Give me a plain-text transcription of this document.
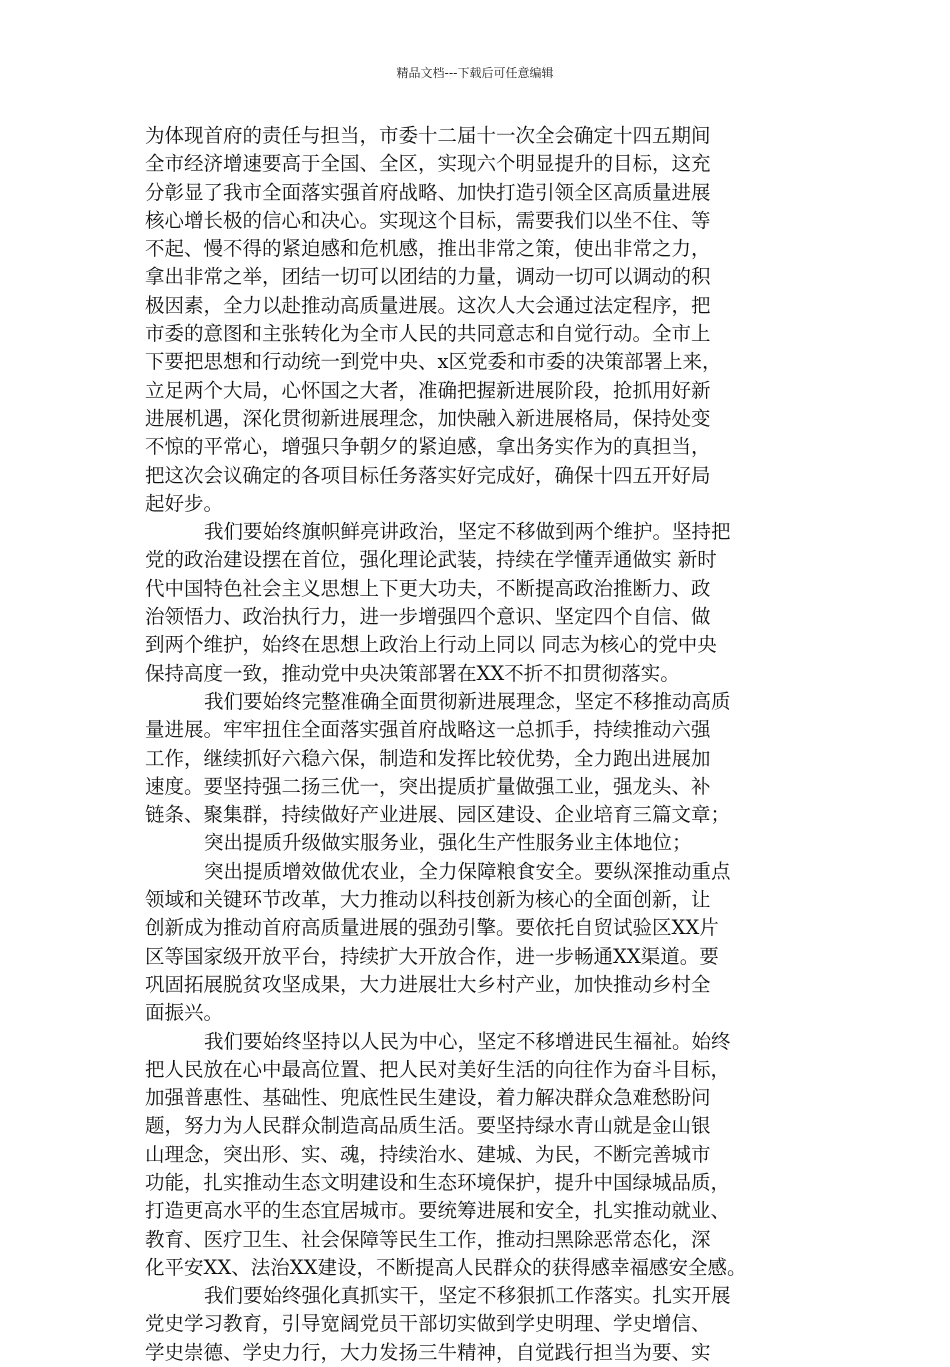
精品文档---下载后可任意编辑
为体现首府的责任与担当，市委十二届十一次全会确定十四五期间
全市经济增速要高于全国、全区，实现六个明显提升的目标，这充
分彰显了我市全面落实强首府战略、加快打造引领全区高质量进展
核心增长极的信心和决心。实现这个目标，需要我们以坐不住、等
不起、慢不得的紧迫感和危机感，推出非常之策，使出非常之力，
拿出非常之举，团结一切可以团结的力量，调动一切可以调动的积
极因素，全力以赴推动高质量进展。这次人大会通过法定程序，把
市委的意图和主张转化为全市人民的共同意志和自觉行动。全市上
下要把思想和行动统一到党中央、x区党委和市委的决策部署上来，
立足两个大局，心怀国之大者，准确把握新进展阶段，抢抓用好新
进展机遇，深化贯彻新进展理念，加快融入新进展格局，保持处变
不惊的平常心，增强只争朝夕的紧迫感，拿出务实作为的真担当，
把这次会议确定的各项目标任务落实好完成好，确保十四五开好局
起好步。
我们要始终旗帜鲜亮讲政治，坚定不移做到两个维护。坚持把
党的政治建设摆在首位，强化理论武装，持续在学懂弄通做实 新时
代中国特色社会主义思想上下更大功夫，不断提高政治推断力、政
治领悟力、政治执行力，进一步增强四个意识、坚定四个自信、做
到两个维护，始终在思想上政治上行动上同以 同志为核心的党中央
保持高度一致，推动党中央决策部署在XX不折不扣贯彻落实。
我们要始终完整准确全面贯彻新进展理念，坚定不移推动高质
量进展。牢牢扭住全面落实强首府战略这一总抓手，持续推动六强
工作，继续抓好六稳六保，制造和发挥比较优势，全力跑出进展加
速度。要坚持强二扬三优一，突出提质扩量做强工业，强龙头、补
链条、聚集群，持续做好产业进展、园区建设、企业培育三篇文章；
突出提质升级做实服务业，强化生产性服务业主体地位；
突出提质增效做优农业，全力保障粮食安全。要纵深推动重点
领域和关键环节改革，大力推动以科技创新为核心的全面创新，让
创新成为推动首府高质量进展的强劲引擎。要依托自贸试验区XX片
区等国家级开放平台，持续扩大开放合作，进一步畅通XX渠道。要
巩固拓展脱贫攻坚成果，大力进展壮大乡村产业，加快推动乡村全
面振兴。
我们要始终坚持以人民为中心，坚定不移增进民生福祉。始终
把人民放在心中最高位置、把人民对美好生活的向往作为奋斗目标，
加强普惠性、基础性、兜底性民生建设，着力解决群众急难愁盼问
题，努力为人民群众制造高品质生活。要坚持绿水青山就是金山银
山理念，突出形、实、魂，持续治水、建城、为民，不断完善城市
功能，扎实推动生态文明建设和生态环境保护，提升中国绿城品质，
打造更高水平的生态宜居城市。要统筹进展和安全，扎实推动就业、
教育、医疗卫生、社会保障等民生工作，推动扫黑除恶常态化，深
化平安XX、法治XX建设，不断提高人民群众的获得感幸福感安全感。
我们要始终强化真抓实干，坚定不移狠抓工作落实。扎实开展
党史学习教育，引导宽阔党员干部切实做到学史明理、学史增信、
学史崇德、学史力行，大力发扬三牛精神，自觉践行担当为要、实
